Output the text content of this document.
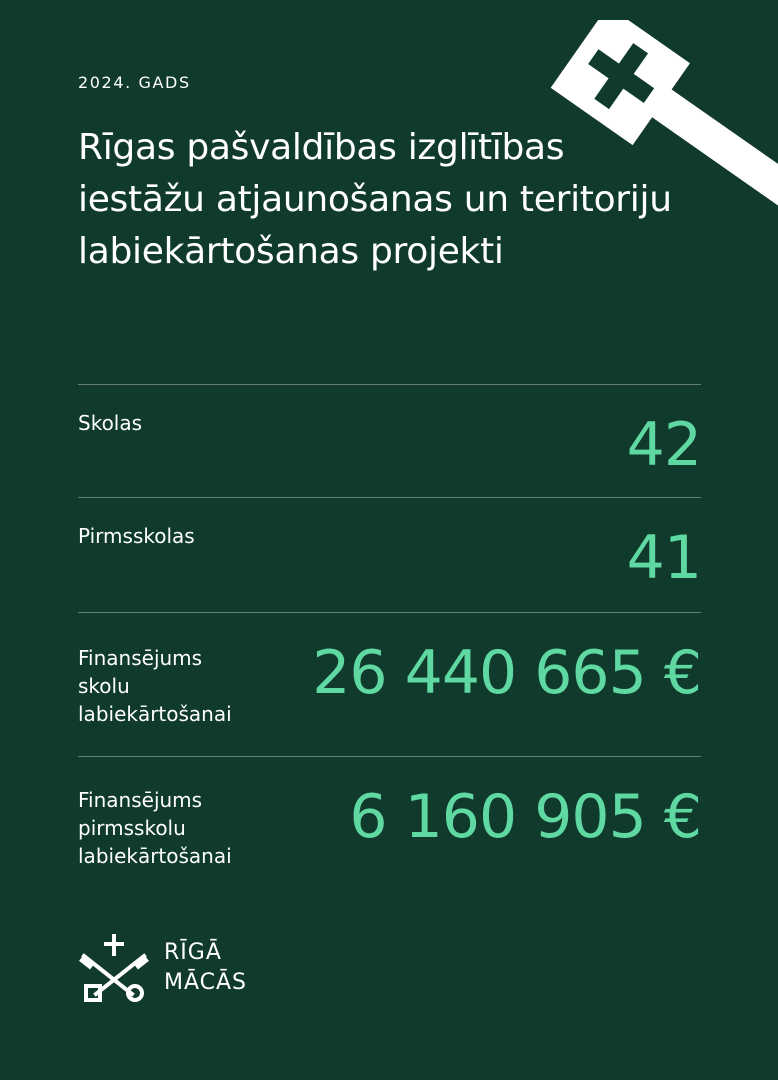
2024. GADS
Rīgas pašvaldības izglītības iestāžu atjaunošanas un teritoriju labiekārtošanas projekti
Skolas	42
Pirmsskolas	41
Finansējums
skolu
labiekārtošanai
26 440 665 €
Finansējums
pirmsskolu
labiekārtošanai
6 160 905 €
RĪGĀ
MĀCĀS
